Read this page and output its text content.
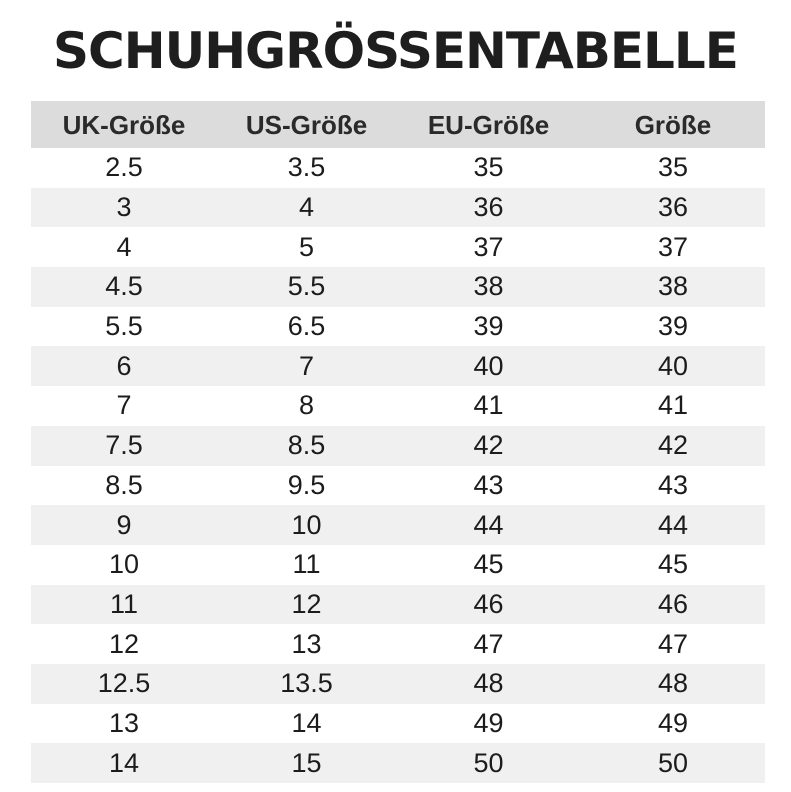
SCHUHGRÖSSENTABELLE
UK-Größe	US-Größe	EU-Größe	Größe
2.5	3.5	35	35
3	4	36	36
4	5	37	37
4.5	5.5	38	38
5.5	6.5	39	39
6	7	40	40
7	8	41	41
7.5	8.5	42	42
8.5	9.5	43	43
9	10	44	44
10	11	45	45
11	12	46	46
12	13	47	47
12.5	13.5	48	48
13	14	49	49
14	15	50	50
